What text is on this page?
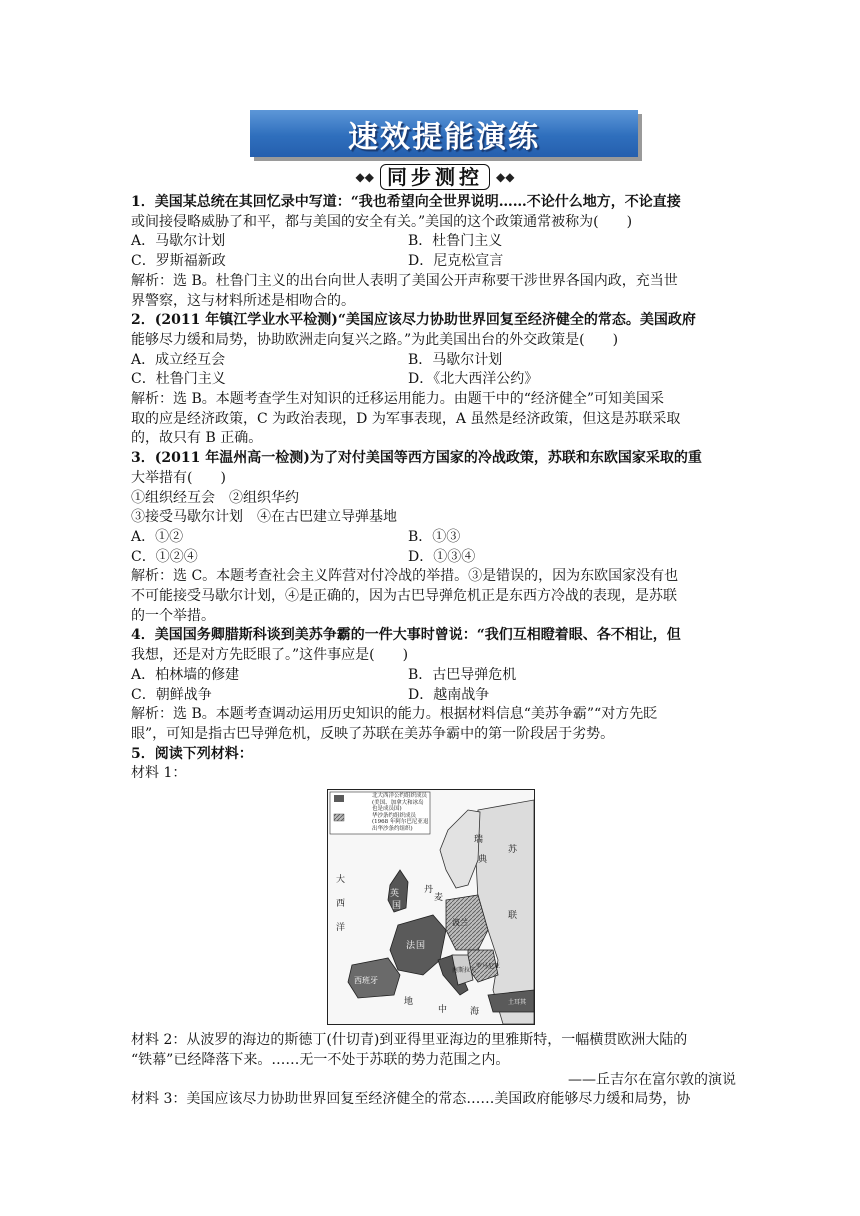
速效提能演练
◆◆ 同步测控	◆◆

1．美国某总统在其回忆录中写道：“我也希望向全世界说明……不论什么地方，不论直接

或间接侵略威胁了和平，都与美国的安全有关。”美国的这个政策通常被称为(　　)

A．马歇尔计划	B．杜鲁门主义
C．罗斯福新政	D．尼克松宣言

解析：选 B。杜鲁门主义的出台向世人表明了美国公开声称要干涉世界各国内政，充当世

界警察，这与材料所述是相吻合的。

2．(2011 年镇江学业水平检测)“美国应该尽力协助世界回复至经济健全的常态。美国政府

能够尽力缓和局势，协助欧洲走向复兴之路。”为此美国出台的外交政策是(　　)

A．成立经互会	B．马歇尔计划
C．杜鲁门主义	D．《北大西洋公约》

解析：选 B。本题考查学生对知识的迁移运用能力。由题干中的“经济健全”可知美国采

取的应是经济政策，C 为政治表现，D 为军事表现，A 虽然是经济政策，但这是苏联采取

的，故只有 B 正确。

3．(2011 年温州高一检测)为了对付美国等西方国家的冷战政策，苏联和东欧国家采取的重

大举措有(　　)

①组织经互会　②组织华约

③接受马歇尔计划　④在古巴建立导弹基地

A．①②	B．①③
C．①②④	D．①③④

解析：选 C。本题考查社会主义阵营对付冷战的举措。③是错误的，因为东欧国家没有也

不可能接受马歇尔计划，④是正确的，因为古巴导弹危机正是东西方冷战的表现，是苏联

的一个举措。

4．美国国务卿腊斯科谈到美苏争霸的一件大事时曾说：“我们互相瞪着眼、各不相让，但

我想，还是对方先眨眼了。”这件事应是(　　)

A．柏林墙的修建	B．古巴导弹危机
C．朝鲜战争	D．越南战争

解析：选 B。本题考查调动运用历史知识的能力。根据材料信息“美苏争霸”“对方先眨

眼”，可知是指古巴导弹危机，反映了苏联在美苏争霸中的第一阶段居于劣势。

5．阅读下列材料：

材料 1：

北大西洋公约组织成员
(美国、加拿大和冰岛
也是成员国)
华沙条约组织成员
(1968 年阿尔巴尼亚退
出华沙条约组织)
大
西
洋
瑞
典
苏
联
丹
麦
英
国
法 国
西班牙
地
中	海
波兰
南斯拉夫
罗马尼亚
土耳其

材料 2：从波罗的海边的斯德丁(什切青)到亚得里亚海边的里雅斯特，一幅横贯欧洲大陆的

“铁幕”已经降落下来。……无一不处于苏联的势力范围之内。

——丘吉尔在富尔敦的演说

材料 3：美国应该尽力协助世界回复至经济健全的常态……美国政府能够尽力缓和局势，协
